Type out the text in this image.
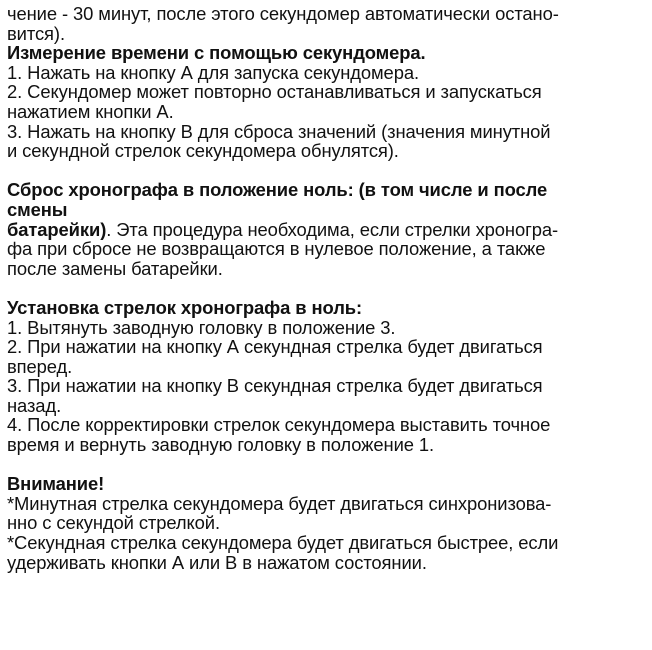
чение - 30 минут, после этого секундомер автоматически остано-
вится).
Измерение времени с помощью секундомера.
1. Нажать на кнопку А для запуска секундомера.
2. Секундомер может повторно останавливаться и запускаться
нажатием кнопки А.
3. Нажать на кнопку В для сброса значений (значения минутной
и секундной стрелок секундомера обнулятся).
Сброс хронографа в положение ноль: (в том числе и после
смены
батарейки). Эта процедура необходима, если стрелки хроногра-
фа при сбросе не возвращаются в нулевое положение, а также
после замены батарейки.
Установка стрелок хронографа в ноль:
1. Вытянуть заводную головку в положение 3.
2. При нажатии на кнопку А секундная стрелка будет двигаться
вперед.
3. При нажатии на кнопку В секундная стрелка будет двигаться
назад.
4. После корректировки стрелок секундомера выставить точное
время и вернуть заводную головку в положение 1.
Внимание!
*Минутная стрелка секундомера будет двигаться синхронизова-
нно с секундой стрелкой.
*Секундная стрелка секундомера будет двигаться быстрее, если
удерживать кнопки А или В в нажатом состоянии.
